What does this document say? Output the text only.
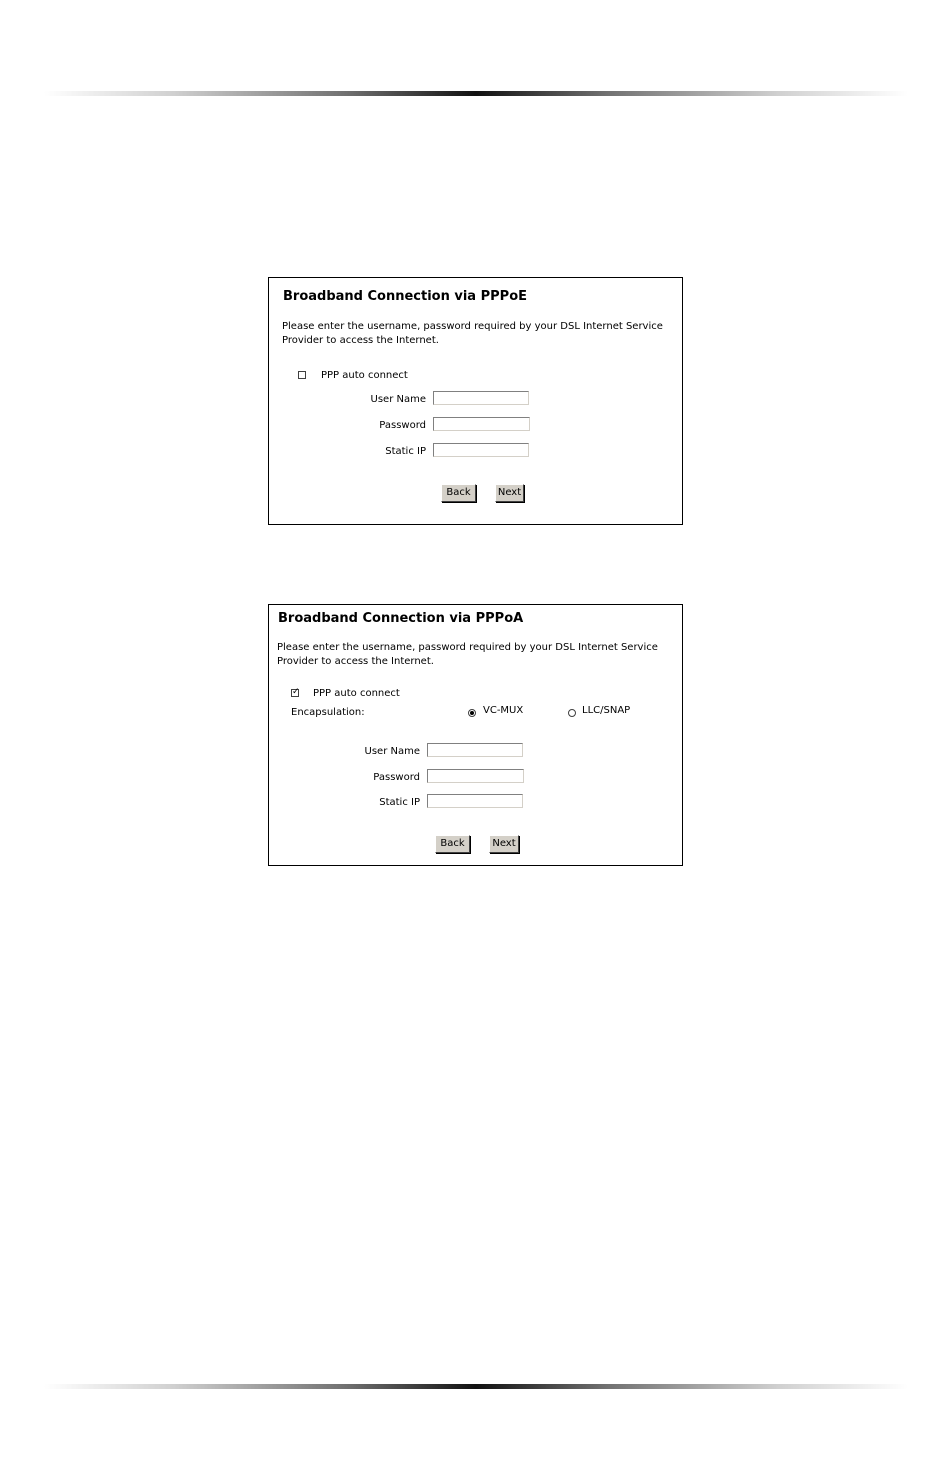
Broadband Connection via PPPoE
Please enter the username, password required by your DSL Internet Service Provider to access the Internet.
PPP auto connect
User Name
Password
Static IP
Back	Next
Broadband Connection via PPPoA
Please enter the username, password required by your DSL Internet Service Provider to access the Internet.
✓ PPP auto connect
Encapsulation:	VC-MUX	LLC/SNAP
User Name
Password
Static IP
Back	Next
